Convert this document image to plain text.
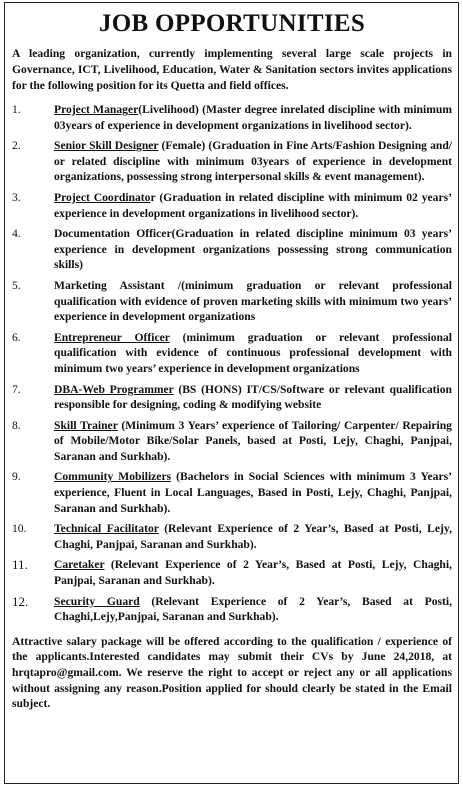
JOB OPPORTUNITIES

A leading organization, currently implementing several large scale projects in Governance, ICT, Livelihood, Education, Water & Sanitation sectors invites applications for the following position for its Quetta and field offices.

1.	Project Manager(Livelihood) (Master degree inrelated discipline with minimum 03years of experience in development organizations in livelihood sector).
2.	Senior Skill Designer (Female) (Graduation in Fine Arts/Fashion Designing and/ or related discipline with minimum 03years of experience in development organizations, possessing strong interpersonal skills & event management).
3.	Project Coordinator (Graduation in related discipline with minimum 02 years’ experience in development organizations in livelihood sector).
4.	Documentation Officer(Graduation in related discipline minimum 03 years’ experience in development organizations possessing strong communication skills)
5.	Marketing Assistant /(minimum graduation or relevant professional qualification with evidence of proven marketing skills with minimum two years’ experience in development organizations
6.	Entrepreneur Officer (minimum graduation or relevant professional qualification with evidence of continuous professional development with minimum two years’ experience in development organizations
7.	DBA-Web Programmer (BS (HONS) IT/CS/Software or relevant qualification responsible for designing, coding & modifying website
8.	Skill Trainer (Minimum 3 Years’ experience of Tailoring/ Carpenter/ Repairing of Mobile/Motor Bike/Solar Panels, based at Posti, Lejy, Chaghi, Panjpai, Saranan and Surkhab).
9.	Community Mobilizers (Bachelors in Social Sciences with minimum 3 Years’ experience, Fluent in Local Languages, Based in Posti, Lejy, Chaghi, Panjpai, Saranan and Surkhab).
10.	Technical Facilitator (Relevant Experience of 2 Year’s, Based at Posti, Lejy, Chaghi, Panjpai, Saranan and Surkhab).
11.	Caretaker (Relevant Experience of 2 Year’s, Based at Posti, Lejy, Chaghi, Panjpai, Saranan and Surkhab).
12.	Security Guard (Relevant Experience of 2 Year’s, Based at Posti, Chaghi,Lejy,Panjpai, Saranan and Surkhab).

Attractive salary package will be offered according to the qualification / experience of the applicants.Interested candidates may submit their CVs by June 24,2018, at hrqtapro@gmail.com. We reserve the right to accept or reject any or all applications without assigning any reason.Position applied for should clearly be stated in the Email subject.
